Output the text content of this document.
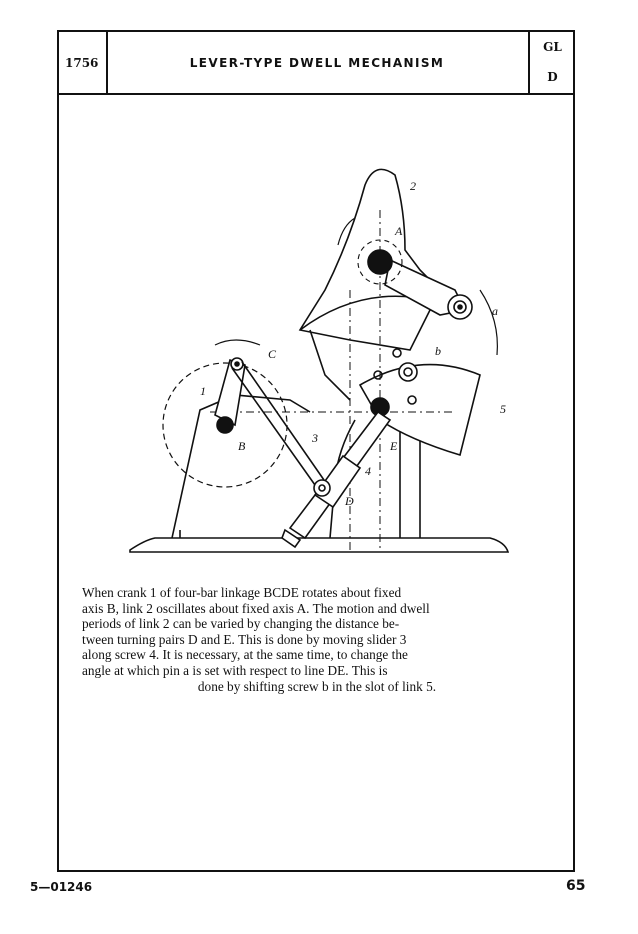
1756	LEVER-TYPE DWELL MECHANISM
GL
D
2
A
a
b
C
1
5
B
3
E
4
D

When crank 1 of four-bar linkage BCDE rotates about fixed

axis B, link 2 oscillates about fixed axis A. The motion and dwell

periods of link 2 can be varied by changing the distance be-

tween turning pairs D and E. This is done by moving slider 3

along screw 4. It is necessary, at the same time, to change the

angle at which pin a is set with respect to line DE. This is

done by shifting screw b in the slot of link 5.

5—01246	65
